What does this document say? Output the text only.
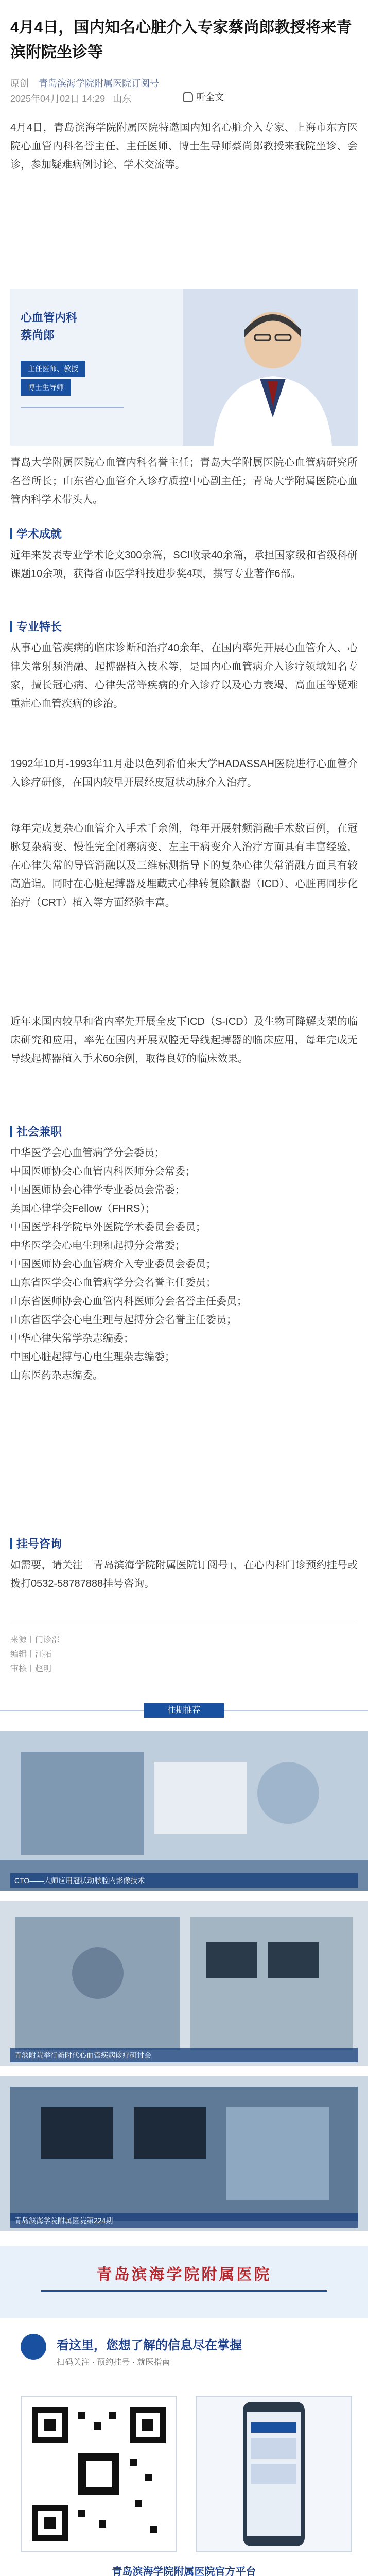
4月4日，国内知名心脏介入专家蔡尚郎教授将来青滨附院坐诊等
原创 青岛滨海学院附属医院订阅号
2025年04月02日 14:29 山东	听全文
4月4日，青岛滨海学院附属医院特邀国内知名心脏介入专家、上海市东方医院心血管内科名誉主任、主任医师、博士生导师蔡尚郎教授来我院坐诊、会诊，参加疑难病例讨论、学术交流等。
心血管内科
蔡尚郎
主任医师、教授
博士生导师
青岛大学附属医院心血管内科名誉主任；青岛大学附属医院心血管病研究所名誉所长；山东省心血管介入诊疗质控中心副主任；青岛大学附属医院心血管内科学术带头人。
学术成就
近年来发表专业学术论文300余篇，SCI收录40余篇，承担国家级和省级科研课题10余项，获得省市医学科技进步奖4项，撰写专业著作6部。
专业特长
从事心血管疾病的临床诊断和治疗40余年，在国内率先开展心血管介入、心律失常射频消融、起搏器植入技术等，是国内心血管病介入诊疗领域知名专家，擅长冠心病、心律失常等疾病的介入诊疗以及心力衰竭、高血压等疑难重症心血管疾病的诊治。
1992年10月-1993年11月赴以色列希伯来大学HADASSAH医院进行心血管介入诊疗研修，在国内较早开展经皮冠状动脉介入治疗。
每年完成复杂心血管介入手术千余例，每年开展射频消融手术数百例，在冠脉复杂病变、慢性完全闭塞病变、左主干病变介入治疗方面具有丰富经验，在心律失常的导管消融以及三维标测指导下的复杂心律失常消融方面具有较高造诣。同时在心脏起搏器及埋藏式心律转复除颤器（ICD）、心脏再同步化治疗（CRT）植入等方面经验丰富。
近年来国内较早和省内率先开展全皮下ICD（S-ICD）及生物可降解支架的临床研究和应用，率先在国内开展双腔无导线起搏器的临床应用，每年完成无导线起搏器植入手术60余例，取得良好的临床效果。
社会兼职
中华医学会心血管病学分会委员；
中国医师协会心血管内科医师分会常委；
中国医师协会心律学专业委员会常委；
美国心律学会Fellow（FHRS）；
中国医学科学院阜外医院学术委员会委员；
中华医学会心电生理和起搏分会常委；
中国医师协会心血管病介入专业委员会委员；
山东省医学会心血管病学分会名誉主任委员；
山东省医师协会心血管内科医师分会名誉主任委员；
山东省医学会心电生理与起搏分会名誉主任委员；
中华心律失常学杂志编委；
中国心脏起搏与心电生理杂志编委；
山东医药杂志编委。
挂号咨询
如需要，请关注「青岛滨海学院附属医院订阅号」，在心内科门诊预约挂号或拨打0532-58787888挂号咨询。
来源丨门诊部
编辑丨汪拓
审核丨赵明
往期推荐
CTO——大师应用冠状动脉腔内影像技术
青滨附院举行新时代心血管疾病诊疗研讨会
青岛滨海学院附属医院第224期
青岛滨海学院附属医院
看这里，您想了解的信息尽在掌握
扫码关注 · 预约挂号 · 就医指南
青岛滨海学院附属医院官方平台
